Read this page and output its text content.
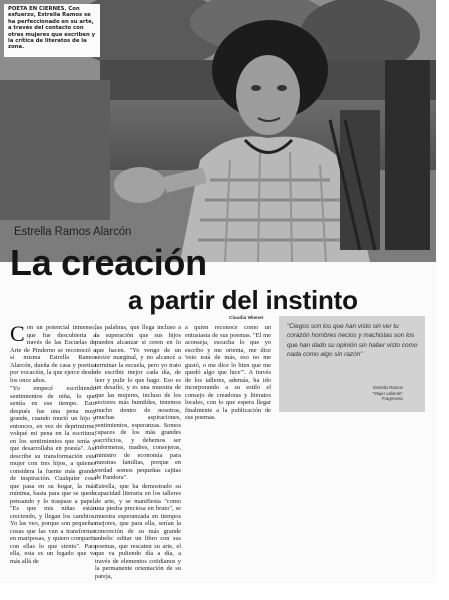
POETA EN CIERNES. Con esfuerzo, Estrella Ramos se ha perfeccionado en su arte, a través del contacto con otras mujeres que escriben y la crítica de literatos de la zona.
Estrella Ramos Alarcón
La creación
a partir del instinto
Claudia Wiener

C on un potencial inmenso, que fue descubierta a través de las Escuelas de Arte de Pinderno se reconoció a sí misma Estrella Ramos Alarcón, dueña de casa y poetisa por vocación, la que ejerce desde los once años.

"Yo empecé escribiendo sentimientos de niña, lo que sentía en ese tiempo. Esto después fue una pena muy grande, cuando murió un hijo y entonces, en vez de deprimirme, volqué mi pena en la escritura, en los sentimientos que tenía y que desarrollaba en poesía". Así describe su transformación esta mujer con tres hijos, a quienes considera la fuente más grande de inspiración. Cualquier cosa que pasa en su hogar, la más mínima, basta para que se quede pensando y lo traspase a papel. "Es que mis niñas están creciendo, y llegan los cambios. Yo las veo, porque son pequeñas cosas que las van a transformar en mariposas, y quiero compartir con ellas lo que siento". Para ella, esta es un legado que va más allá de

las palabras, que llega incluso a la superación que sus hijos pueden alcanzar si creen en lo que hacen. "Yo vengo de un sector marginal, y no alcancé a terminar la escuela, pero yo trato de escribir mejor cada día, de leer y pulir lo que hago. Eso es un desafío, y es una muestra de que las mujeres, incluso de los sectores más humildes, tenemos mucho dentro de nosotras, muchas aspiraciones, sentimientos, esperanzas. Somos capaces de los más grandes sacrificios, y debemos ser enfermeras, madres, consejeras, ministro de economía para nuestras familias, porque en verdad somos pequeñas cajitas de Pandora".

Estrella, que ha demostrado su capacidad literaria en los talleres de arte, y se manifiesta "como una piedra preciosa en bruto", se muestra esperanzada en tiempos mejores, que para ella, serían la concreción de su más grande anhelo: editar un libro con sus poemas, que rescaten su arte, el que va puliendo día a día, a través de elementos cotidianos y la permanente orientación de su pareja,

a quien reconoce como un entusiasta de sus poemas. "El me aconseja, escucha lo que yo escribo y me orienta, me dice 'esto está de más, eso no me gustó, o me dice lo bien que me quedó algo que hice'". A través de los talleres, además, ha ido incorporando a su estilo el consejo de creadoras y literatos locales, con lo que espera llegar finalmente a la publicación de sus poemas.

"Ciegos son los que han visto sin ver tu corazón hombres necios y machistas son los que han dado su opinión sin haber visto como nada como algo sin razón"
Estrella Ramos
"Mujer valiente"
Fragmento
